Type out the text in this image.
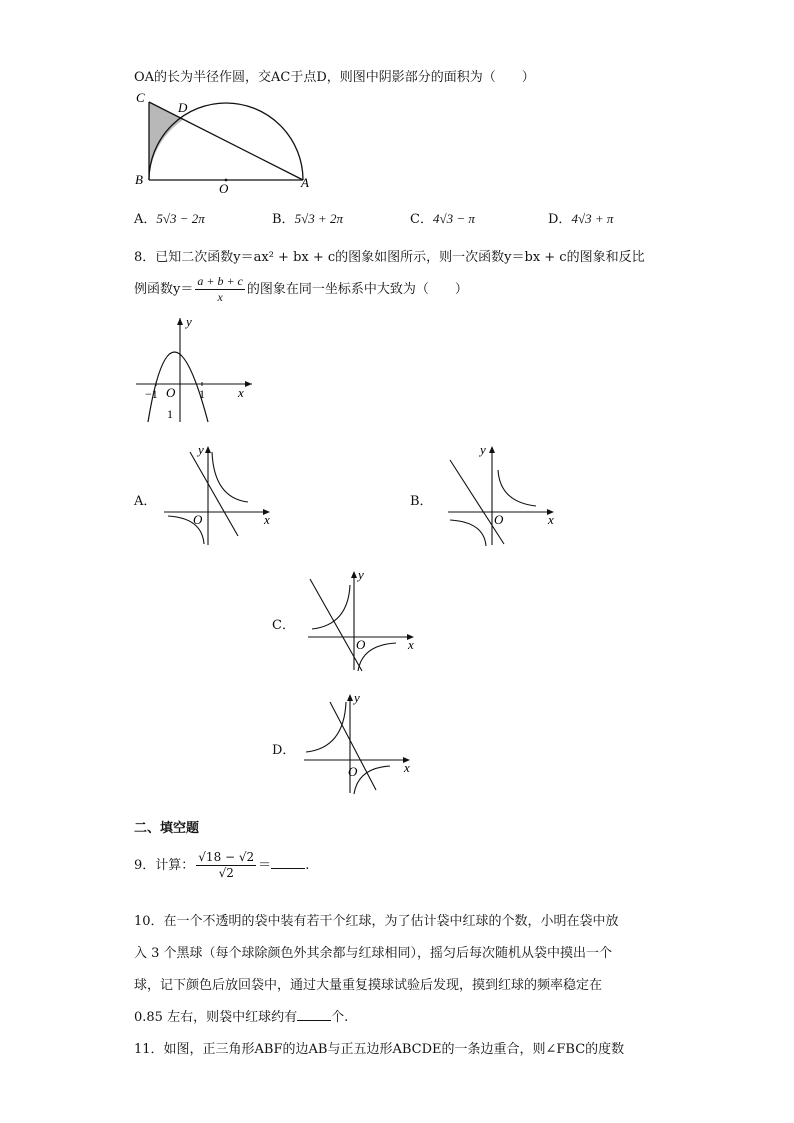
OA的长为半径作圆，交AC于点D，则图中阴影部分的面积为（　　）
C
D
B
O	A
A．5√3 − 2π	B．5√3 + 2π	C．4√3 − π	D．4√3 + π
8．已知二次函数y＝ax² + bx + c的图象如图所示，则一次函数y＝bx + c的图象和反比
例函数$y= \frac{a + b + c}{x}$ 的图象在同一坐标系中大致为（　　）
y
x
O
−1	1
1
A．
y
x
O
B．
y
x
O
C．
y
x
O
D．
y
x
O
二、填空题
9．计算： $\frac{√18 - √2}{√2}$ ＝	.
10．在一个不透明的袋中装有若干个红球，为了估计袋中红球的个数，小明在袋中放
入 3 个黑球（每个球除颜色外其余都与红球相同），摇匀后每次随机从袋中摸出一个
球，记下颜色后放回袋中，通过大量重复摸球试验后发现，摸到红球的频率稳定在
0.85 左右，则袋中红球约有	个.
11．如图，正三角形ABF的边AB与正五边形ABCDE的一条边重合，则∠FBC的度数
